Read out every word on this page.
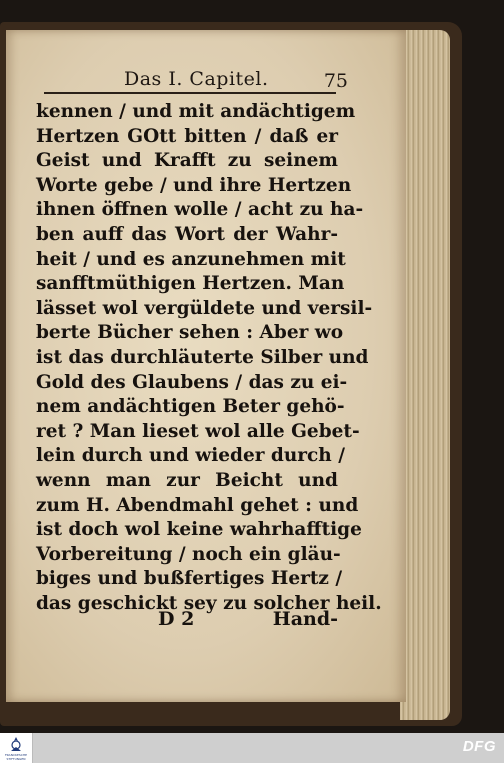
Das I. Capitel.	75
kennen / und mit andächtigem
Hertzen GOtt bitten / daß er
Geist und Krafft zu seinem
Worte gebe / und ihre Hertzen
ihnen öffnen wolle / acht zu ha-
ben auff das Wort der Wahr-
heit / und es anzunehmen mit
sanfftmüthigen Hertzen. Man
lässet wol vergüldete und versil-
berte Bücher sehen : Aber wo
ist das durchläuterte Silber und
Gold des Glaubens / das zu ei-
nem andächtigen Beter gehö-
ret ? Man lieset wol alle Gebet-
lein durch und wieder durch /
wenn man zur Beicht und
zum H. Abendmahl gehet : und
ist doch wol keine wahrhafftige
Vorbereitung / noch ein gläu-
biges und bußfertiges Hertz /
das geschickt sey zu solcher heil.
D 2	Hand-
FRANCKESCHE STIFTUNGEN
DFG
